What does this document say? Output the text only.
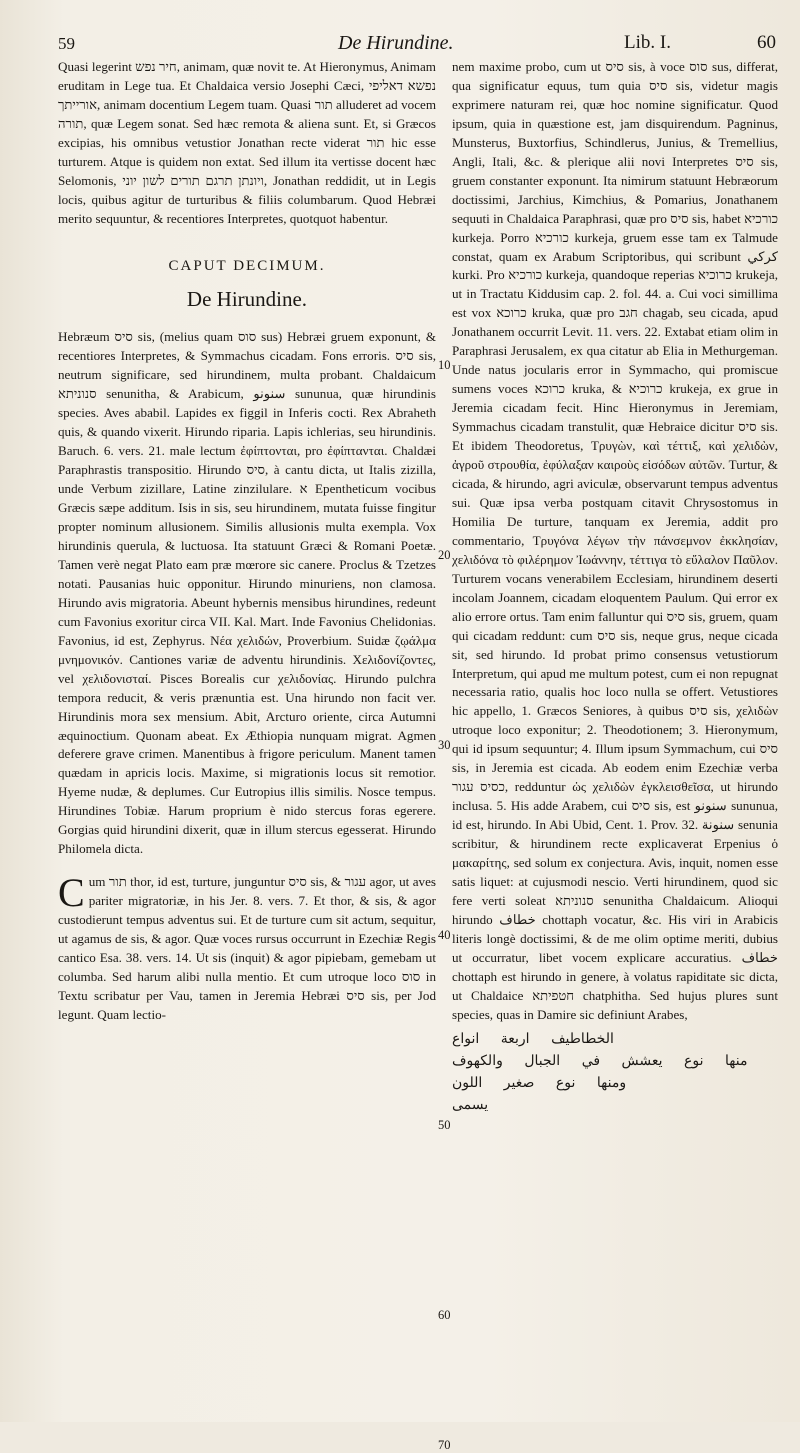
59	De Hirundine.	Lib. I.	60

Quasi legerint חיר נפש, animam, quæ novit te. At Hieronymus, Animam eruditam in Lege tua. Et Chaldaica versio Josephi Cæci, נפשא דאליפי אורייתך, animam docentium Legem tuam. Quasi תור alluderet ad vocem תורה, quæ Legem sonat. Sed hæc remota & aliena sunt. Et, si Græcos excipias, his omnibus vetustior Jonathan recte viderat תור hic esse turturem. Atque is quidem non extat. Sed illum ita vertisse docent hæc Selomonis, ויונתן תרגם תורים לשון יוני, Jonathan reddidit, ut in Legis locis, quibus agitur de turturibus & filiis columbarum. Quod Hebræi merito sequuntur, & recentiores Interpretes, quotquot habentur.

CAPUT DECIMUM.
De Hirundine.

Hebræum סיס sis, (melius quam סוס sus) Hebræi gruem exponunt, & recentiores Interpretes, & Symmachus cicadam. Fons erroris. סיס sis, neutrum significare, sed hirundinem, multa probant. Chaldaicum סנוניתא senunitha, & Arabicum, سنونو sununua, quæ hirundinis species. Aves ababil. Lapides ex figgil in Inferis cocti. Rex Abraheth quis, & quando vixerit. Hirundo riparia. Lapis ichlerias, seu hirundinis. Baruch. 6. vers. 21. male lectum ἐφίπτονται, pro ἐφίπτανται. Chaldæi Paraphrastis transpositio. Hirundo סיס, à cantu dicta, ut Italis zizilla, unde Verbum zizillare, Latine zinzilulare. א Epentheticum vocibus Græcis sæpe additum. Isis in sis, seu hirundinem, mutata fuisse fingitur propter nominum allusionem. Similis allusionis multa exempla. Vox hirundinis querula, & luctuosa. Ita statuunt Græci & Romani Poetæ. Tamen verè negat Plato eam præ mœrore sic canere. Proclus & Tzetzes notati. Pausanias huic opponitur. Hirundo minuriens, non clamosa. Hirundo avis migratoria. Abeunt hybernis mensibus hirundines, redeunt cum Favonius exoritur circa VII. Kal. Mart. Inde Favonius Chelidonias. Favonius, id est, Zephyrus. Νέα χελιδών, Proverbium. Suidæ ζῳάλμα μνημονικόν. Cantiones variæ de adventu hirundinis. Χελιδονίζοντες, vel χελιδονισταί. Pisces Borealis cur χελιδονίας. Hirundo pulchra tempora reducit, & veris prænuntia est. Una hirundo non facit ver. Hirundinis mora sex mensium. Abit, Arcturo oriente, circa Autumni æquinoctium. Quonam abeat. Ex Æthiopia nunquam migrat. Agmen deferere grave crimen. Manentibus à frigore periculum. Manent tamen quædam in apricis locis. Maxime, si migrationis locus sit remotior. Hyeme nudæ, & deplumes. Cur Eutropius illis similis. Nosce tempus. Hirundines Tobiæ. Harum proprium è nido stercus foras egerere. Gorgias quid hirundini dixerit, quæ in illum stercus egesserat. Hirundo Philomela dicta.

Cum תור thor, id est, turture, junguntur סיס sis, & עגור agor, ut aves pariter migratoriæ, in his Jer. 8. vers. 7. Et thor, & sis, & agor custodierunt tempus adventus sui. Et de turture cum sit actum, sequitur, ut agamus de sis, & agor. Quæ voces rursus occurrunt in Ezechiæ Regis cantico Esa. 38. vers. 14. Ut sis (inquit) & agor pipiebam, gemebam ut columba. Sed harum alibi nulla mentio. Et cum utroque loco סוס in Textu scribatur per Vau, tamen in Jeremia Hebræi סיס sis, per Jod legunt. Quam lectio-

10
20
30
40
50
60
70

nem maxime probo, cum ut סיס sis, à voce סוס sus, differat, qua significatur equus, tum quia סיס sis, videtur magis exprimere naturam rei, quæ hoc nomine significatur. Quod ipsum, quia in quæstione est, jam disquirendum. Pagninus, Munsterus, Buxtorfius, Schindlerus, Junius, & Tremellius, Angli, Itali, &c. & plerique alii novi Interpretes סיס sis, gruem constanter exponunt. Ita nimirum statuunt Hebræorum doctissimi, Jarchius, Kimchius, & Pomarius, Jonathanem sequuti in Chaldaica Paraphrasi, quæ pro סיס sis, habet כורכיא kurkeja. Porro כורכיא kurkeja, gruem esse tam ex Talmude constat, quam ex Arabum Scriptoribus, qui scribunt كركي kurki. Pro כורכיא kurkeja, quandoque reperias כרוכיא krukeja, ut in Tractatu Kiddusim cap. 2. fol. 44. a. Cui voci simillima est vox כרוכא kruka, quæ pro חגב chagab, seu cicada, apud Jonathanem occurrit Levit. 11. vers. 22. Extabat etiam olim in Paraphrasi Jerusalem, ex qua citatur ab Elia in Methurgeman. Unde natus jocularis error in Symmacho, qui promiscue sumens voces כרוכא kruka, & כרוכיא krukeja, ex grue in Jeremia cicadam fecit. Hinc Hieronymus in Jeremiam, Symmachus cicadam transtulit, quæ Hebraice dicitur סיס sis. Et ibidem Theodoretus, Τρυγὼν, καὶ τέττιξ, καὶ χελιδὼν, ἀγροῦ στρουθία, ἐφύλαξαν καιροὺς εἰσόδων αὐτῶν. Turtur, & cicada, & hirundo, agri aviculæ, observarunt tempus adventus sui. Quæ ipsa verba postquam citavit Chrysostomus in Homilia De turture, tanquam ex Jeremia, addit pro commentario, Τρυγόνα λέγων τὴν πάνσεμνον ἐκκλησίαν, χελιδόνα τὸ φιλέρημον Ἰωάννην, τέττιγα τὸ εὔλαλον Παῦλον. Turturem vocans venerabilem Ecclesiam, hirundinem deserti incolam Joannem, cicadam eloquentem Paulum. Qui error ex alio errore ortus. Tam enim falluntur qui סיס sis, gruem, quam qui cicadam reddunt: cum סיס sis, neque grus, neque cicada sit, sed hirundo. Id probat primo consensus vetustiorum Interpretum, qui apud me multum potest, cum ei non repugnat necessaria ratio, qualis hoc loco nulla se offert. Vetustiores hic appello, 1. Græcos Seniores, à quibus סיס sis, χελιδὼν utroque loco exponitur; 2. Theodotionem; 3. Hieronymum, qui id ipsum sequuntur; 4. Illum ipsum Symmachum, cui סיס sis, in Jeremia est cicada. Ab eodem enim Ezechiæ verba כסיס עגור, redduntur ὡς χελιδὼν ἐγκλεισθεῖσα, ut hirundo inclusa. 5. His adde Arabem, cui סיס sis, est سنونو sununua, id est, hirundo. In Abi Ubid, Cent. 1. Prov. 32. سنونة senunia scribitur, & hirundinem recte explicaverat Erpenius ὁ μακαρίτης, sed solum ex conjectura. Avis, inquit, nomen esse satis liquet: at cujusmodi nescio. Verti hirundinem, quod sic fere verti soleat סנוניתא senunitha Chaldaicum. Alioqui hirundo خطاف chottaph vocatur, &c. His viri in Arabicis literis longè doctissimi, & de me olim optime meriti, dubius ut occurratur, libet vocem explicare accuratius. خطاف chottaph est hirundo in genere, à volatus rapiditate sic dicta, ut Chaldaice חטפיתא chatphitha. Sed hujus plures sunt species, quas in Damire sic definiunt Arabes,

الخطاطيف اربعة انواع
منها نوع يعشش في الجبال والكهوف
ومنها نوع صغير اللون
يسمى
